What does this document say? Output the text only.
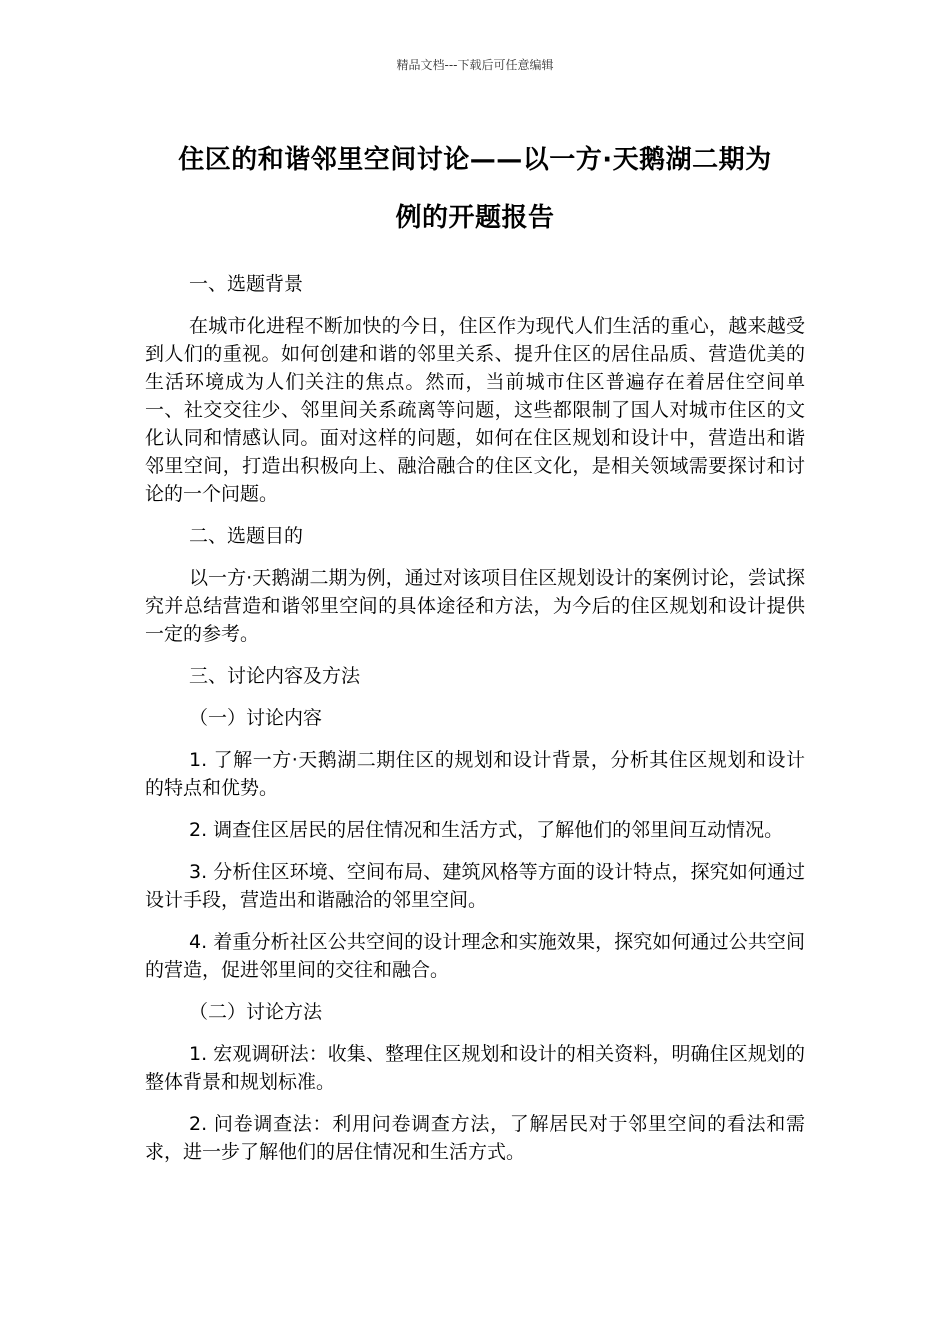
精品文档---下载后可任意编辑
住区的和谐邻里空间讨论——以一方·天鹅湖二期为
例的开题报告

一、选题背景

在城市化进程不断加快的今日，住区作为现代人们生活的重心，越来越受到人们的重视。如何创建和谐的邻里关系、提升住区的居住品质、营造优美的生活环境成为人们关注的焦点。然而，当前城市住区普遍存在着居住空间单一、社交交往少、邻里间关系疏离等问题，这些都限制了国人对城市住区的文化认同和情感认同。面对这样的问题，如何在住区规划和设计中，营造出和谐邻里空间，打造出积极向上、融洽融合的住区文化，是相关领域需要探讨和讨论的一个问题。

二、选题目的

以一方·天鹅湖二期为例，通过对该项目住区规划设计的案例讨论，尝试探究并总结营造和谐邻里空间的具体途径和方法，为今后的住区规划和设计提供一定的参考。

三、讨论内容及方法

（一）讨论内容

1. 了解一方·天鹅湖二期住区的规划和设计背景，分析其住区规划和设计的特点和优势。

2. 调查住区居民的居住情况和生活方式，了解他们的邻里间互动情况。

3. 分析住区环境、空间布局、建筑风格等方面的设计特点，探究如何通过设计手段，营造出和谐融洽的邻里空间。

4. 着重分析社区公共空间的设计理念和实施效果，探究如何通过公共空间的营造，促进邻里间的交往和融合。

（二）讨论方法

1. 宏观调研法：收集、整理住区规划和设计的相关资料，明确住区规划的整体背景和规划标准。

2. 问卷调查法：利用问卷调查方法，了解居民对于邻里空间的看法和需求，进一步了解他们的居住情况和生活方式。
